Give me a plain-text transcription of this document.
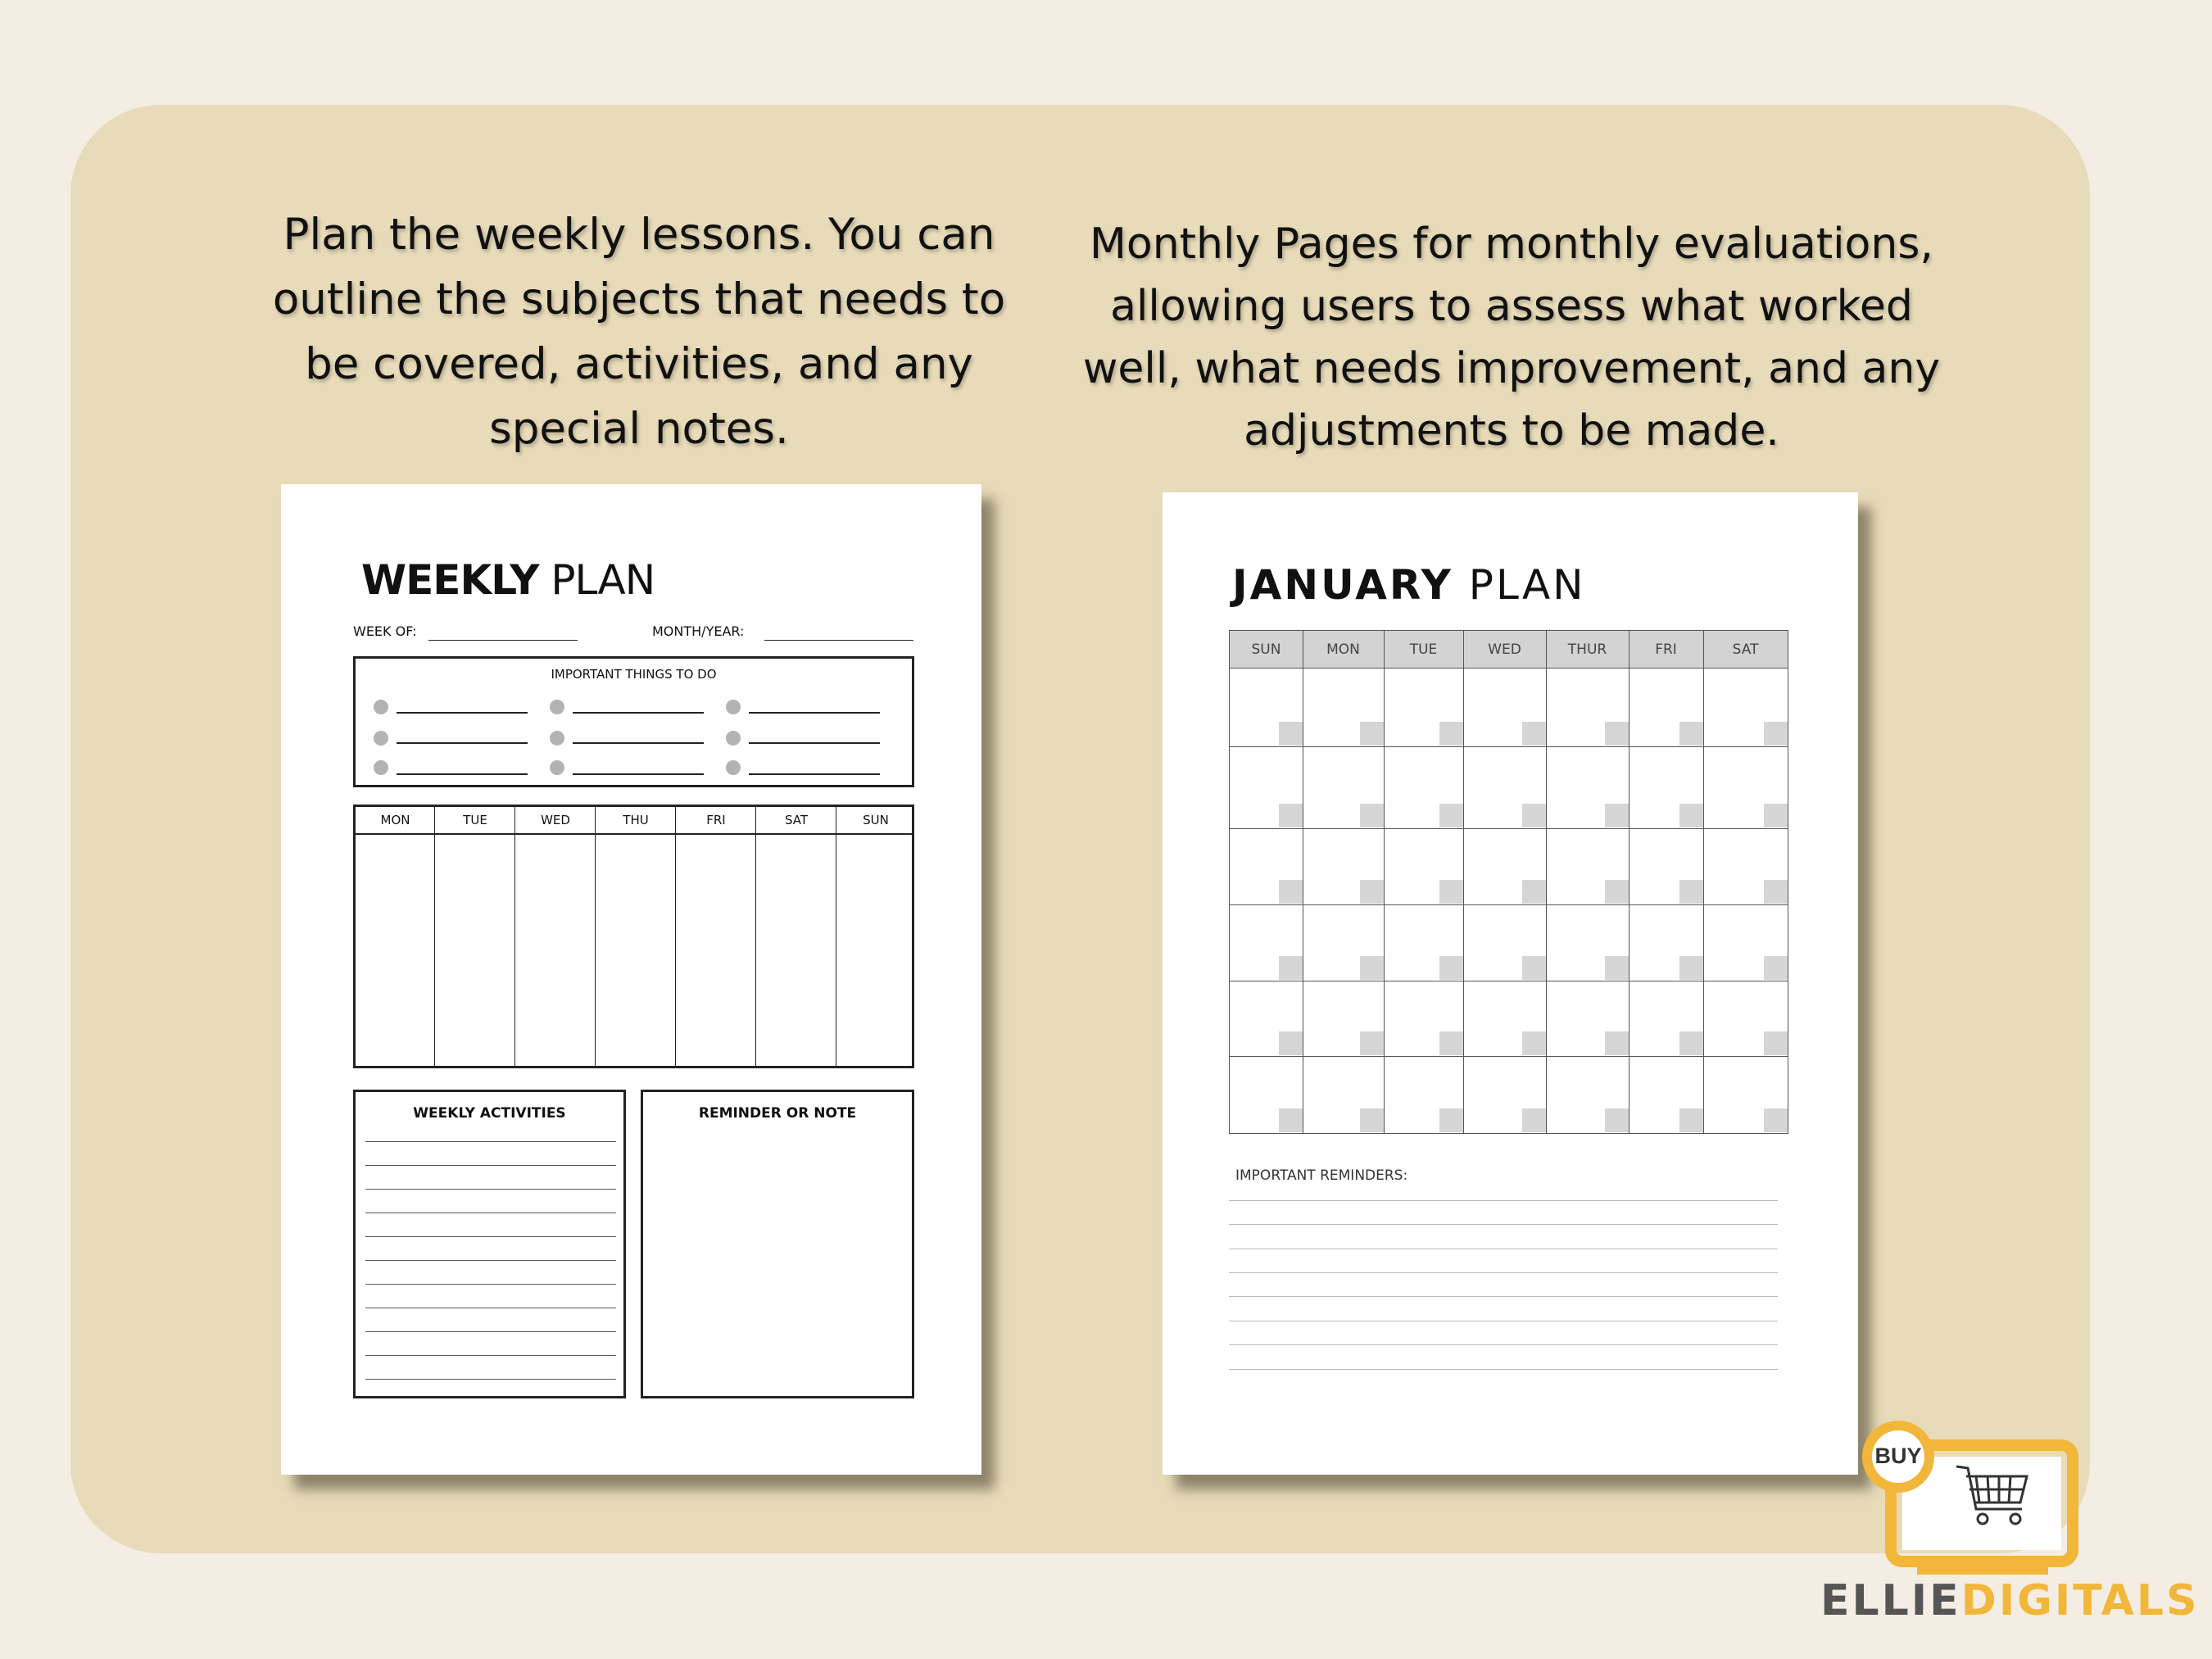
Plan the weekly lessons. You can outline the subjects that needs to be covered, activities, and any special notes.
Monthly Pages for monthly evaluations, allowing users to assess what worked well, what needs improvement, and any adjustments to be made.
WEEKLY PLAN
WEEK OF:	MONTH/YEAR:
IMPORTANT THINGS TO DO
MON	TUE	WED	THU	FRI	SAT	SUN
WEEKLY ACTIVITIES	REMINDER OR NOTE
JANUARY PLAN
SUN	MON	TUE	WED	THUR	FRI	SAT
IMPORTANT REMINDERS:
BUY
ELLIEDIGITALS
